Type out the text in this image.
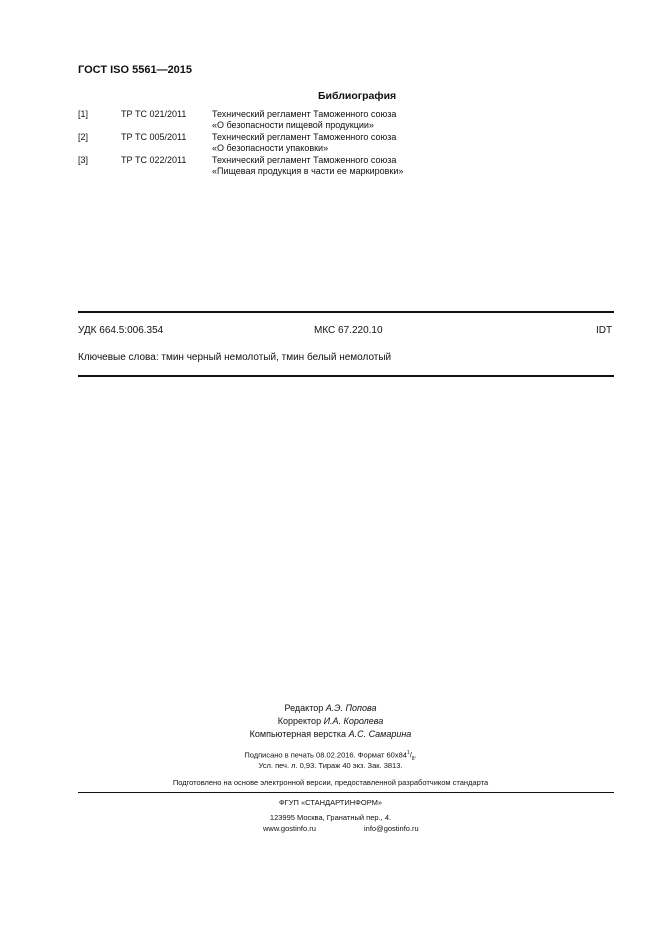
ГОСТ ISO 5561—2015
Библиография
[1]	ТР ТС 021/2011	Технический регламент Таможенного союза
«О безопасности пищевой продукции»
[2]	ТР ТС 005/2011	Технический регламент Таможенного союза
«О безопасности упаковки»
[3]	ТР ТС 022/2011	Технический регламент Таможенного союза
«Пищевая продукция в части ее маркировки»
УДК 664.5:006.354	МКС 67.220.10	IDT
Ключевые слова: тмин черный немолотый, тмин белый немолотый
Редактор А.Э. Попова
Корректор И.А. Королева
Компьютерная верстка А.С. Самарина
Подписано в печать 08.02.2016. Формат $60x84^1/_8$.
Усл. печ. л. 0,93. Тираж 40 экз. Зак. 3813.
Подготовлено на основе электронной версии, предоставленной разработчиком стандарта
ФГУП «СТАНДАРТИНФОРМ»
123995 Москва, Гранатный пер., 4.
www.gostinfo.ru	info@gostinfo.ru
